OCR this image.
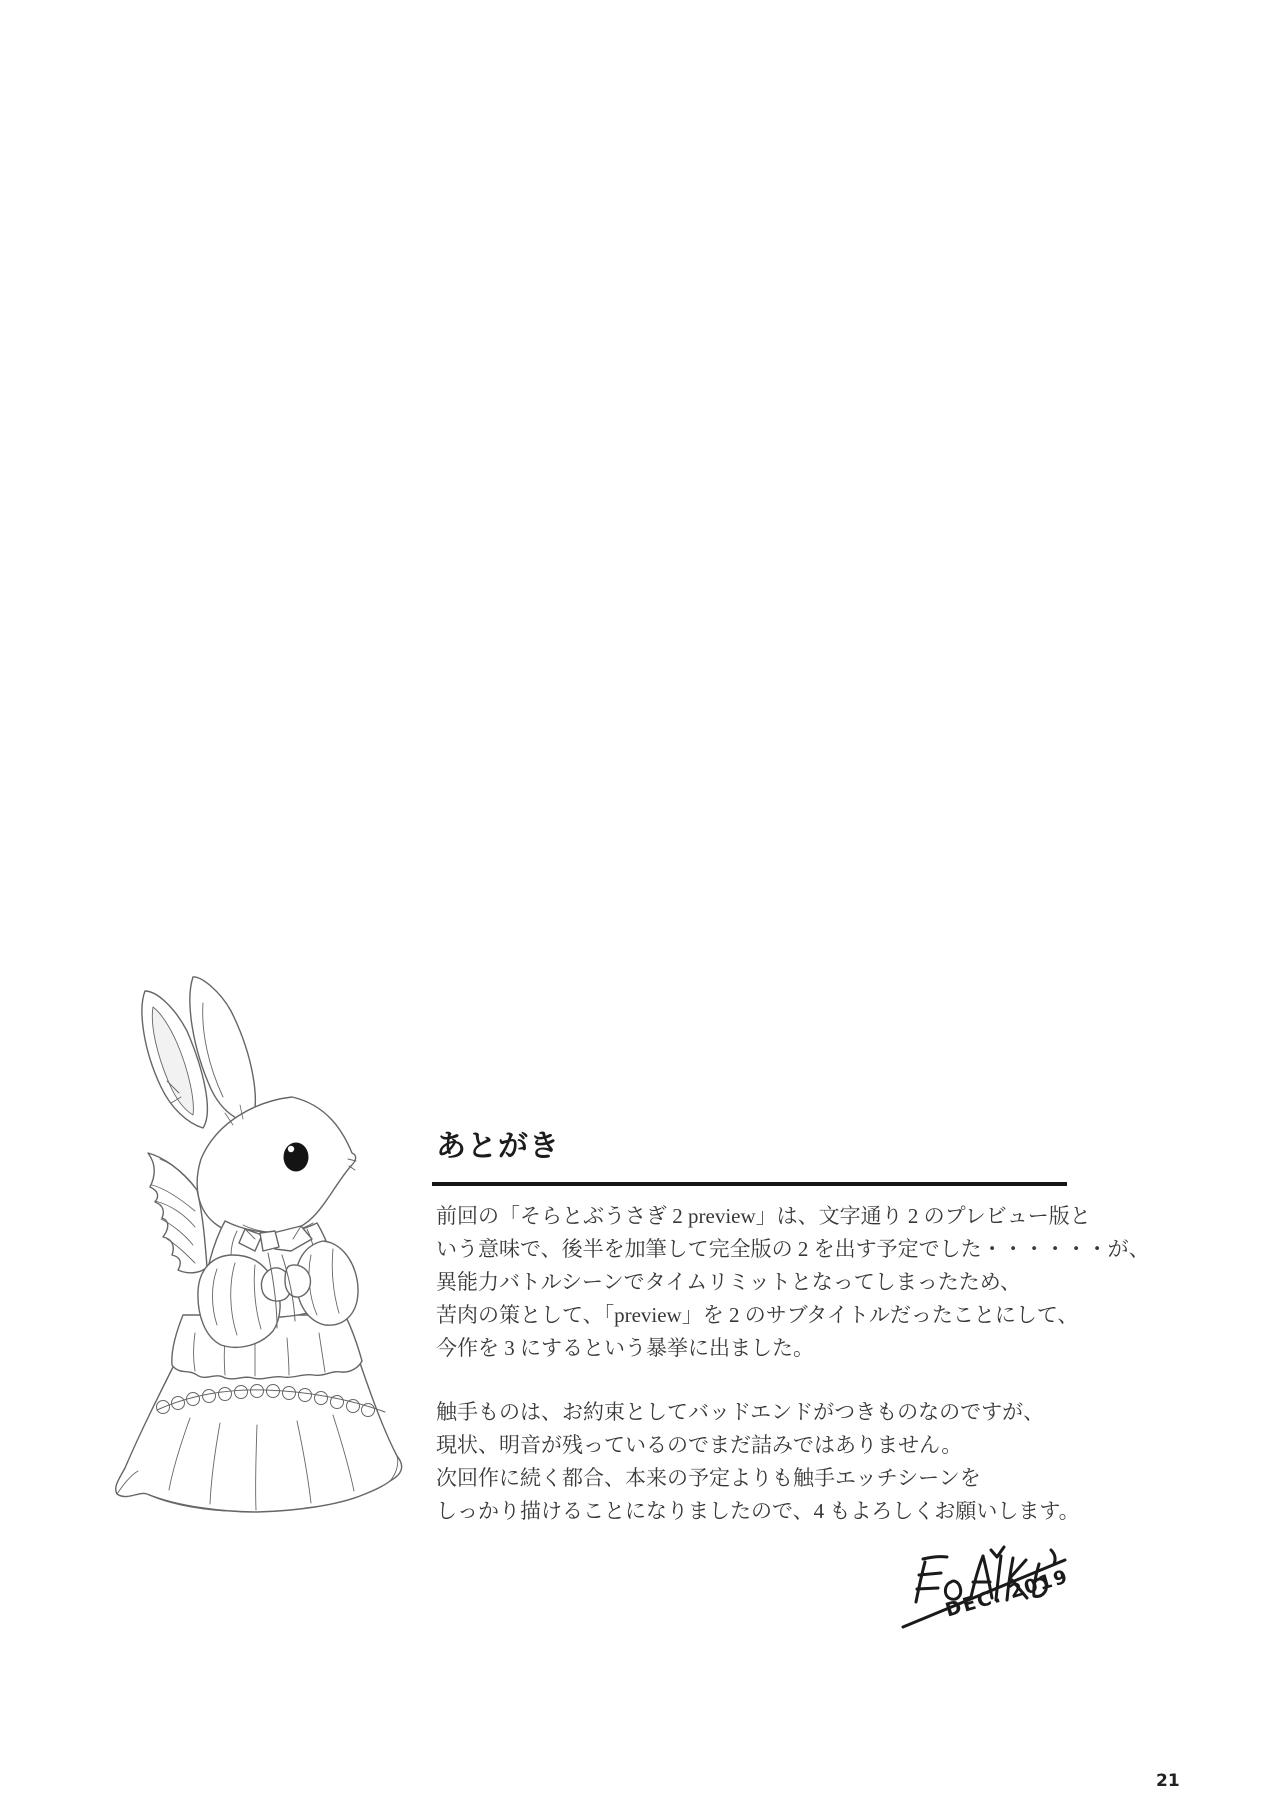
あとがき
前回の「そらとぶうさぎ 2 preview」は、文字通り 2 のプレビュー版と
いう意味で、後半を加筆して完全版の 2 を出す予定でした・・・・・・が、
異能力バトルシーンでタイムリミットとなってしまったため、
苦肉の策として、「preview」を 2 のサブタイトルだったことにして、
今作を 3 にするという暴挙に出ました。
触手ものは、お約束としてバッドエンドがつきものなのですが、
現状、明音が残っているのでまだ詰みではありません。
次回作に続く都合、本来の予定よりも触手エッチシーンを
しっかり描けることになりましたので、4 もよろしくお願いします。
DEC. 2019
21
